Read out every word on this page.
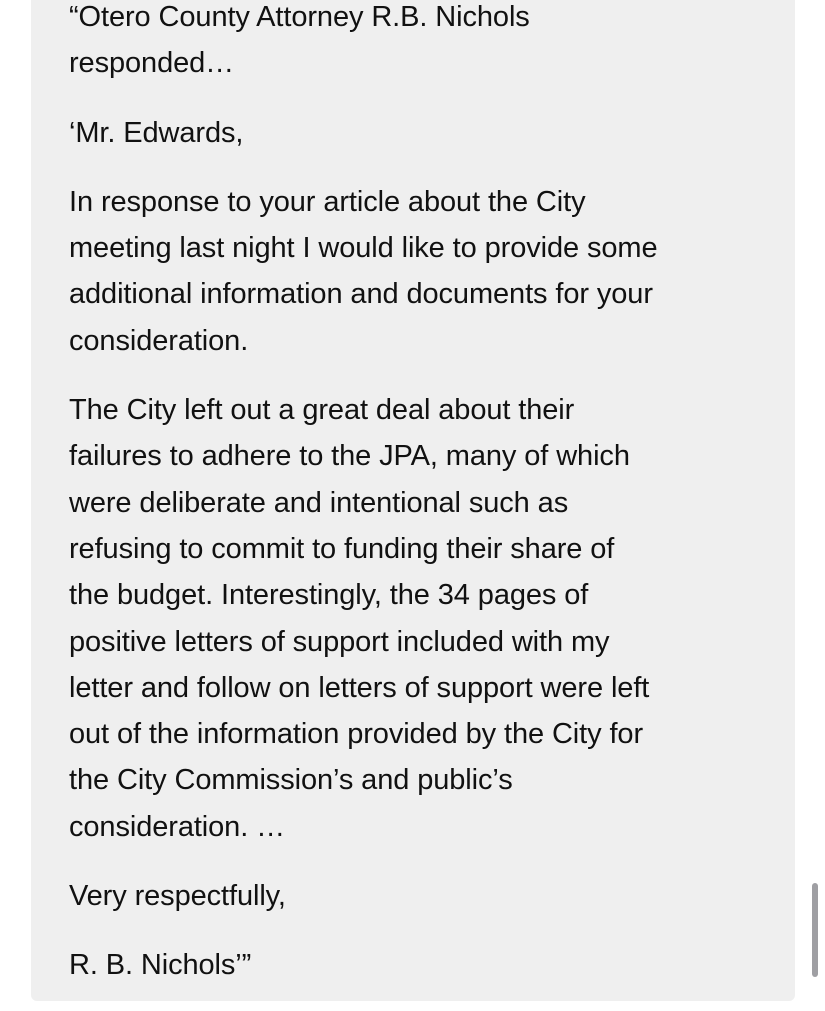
“Otero County Attorney R.B. Nichols
responded…

‘Mr. Edwards,

In response to your article about the City
meeting last night I would like to provide some
additional information and documents for your
consideration.

The City left out a great deal about their
failures to adhere to the JPA, many of which
were deliberate and intentional such as
refusing to commit to funding their share of
the budget. Interestingly, the 34 pages of
positive letters of support included with my
letter and follow on letters of support were left
out of the information provided by the City for
the City Commission’s and public’s
consideration. …

Very respectfully,

R. B. Nichols’”
